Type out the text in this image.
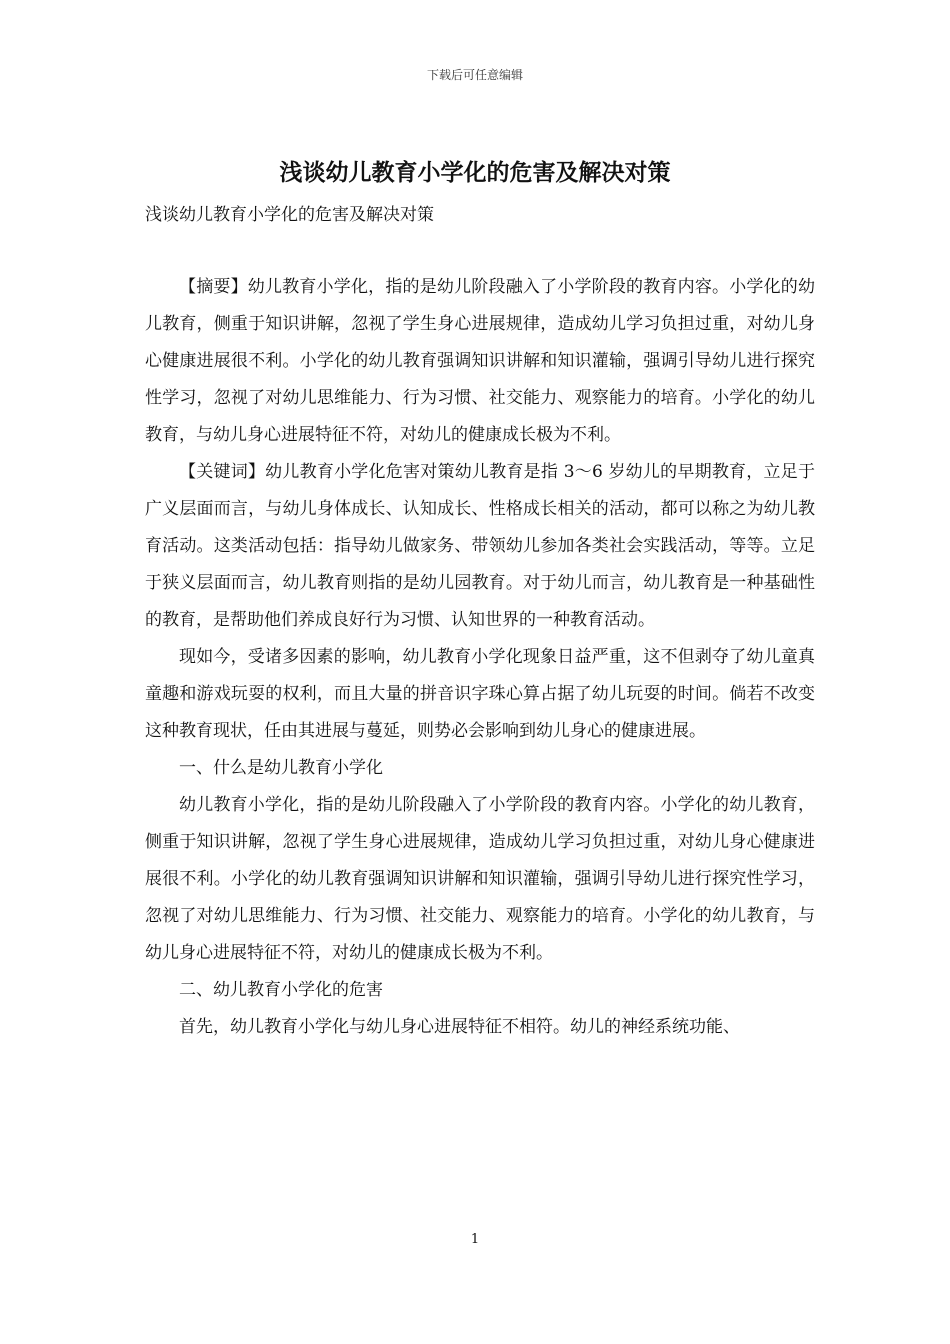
下载后可任意编辑
浅谈幼儿教育小学化的危害及解决对策
浅谈幼儿教育小学化的危害及解决对策

【摘要】幼儿教育小学化，指的是幼儿阶段融入了小学阶段的教育内容。小学化的幼儿教育，侧重于知识讲解，忽视了学生身心进展规律，造成幼儿学习负担过重，对幼儿身心健康进展很不利。小学化的幼儿教育强调知识讲解和知识灌输，强调引导幼儿进行探究性学习，忽视了对幼儿思维能力、行为习惯、社交能力、观察能力的培育。小学化的幼儿教育，与幼儿身心进展特征不符，对幼儿的健康成长极为不利。

【关键词】幼儿教育小学化危害对策幼儿教育是指 3～6 岁幼儿的早期教育，立足于广义层面而言，与幼儿身体成长、认知成长、性格成长相关的活动，都可以称之为幼儿教育活动。这类活动包括：指导幼儿做家务、带领幼儿参加各类社会实践活动，等等。立足于狭义层面而言，幼儿教育则指的是幼儿园教育。对于幼儿而言，幼儿教育是一种基础性的教育，是帮助他们养成良好行为习惯、认知世界的一种教育活动。

现如今，受诸多因素的影响，幼儿教育小学化现象日益严重，这不但剥夺了幼儿童真童趣和游戏玩耍的权利，而且大量的拼音识字珠心算占据了幼儿玩耍的时间。倘若不改变这种教育现状，任由其进展与蔓延，则势必会影响到幼儿身心的健康进展。

一、什么是幼儿教育小学化

幼儿教育小学化，指的是幼儿阶段融入了小学阶段的教育内容。小学化的幼儿教育，侧重于知识讲解，忽视了学生身心进展规律，造成幼儿学习负担过重，对幼儿身心健康进展很不利。小学化的幼儿教育强调知识讲解和知识灌输，强调引导幼儿进行探究性学习，忽视了对幼儿思维能力、行为习惯、社交能力、观察能力的培育。小学化的幼儿教育，与幼儿身心进展特征不符，对幼儿的健康成长极为不利。

二、幼儿教育小学化的危害

首先，幼儿教育小学化与幼儿身心进展特征不相符。幼儿的神经系统功能、

1
